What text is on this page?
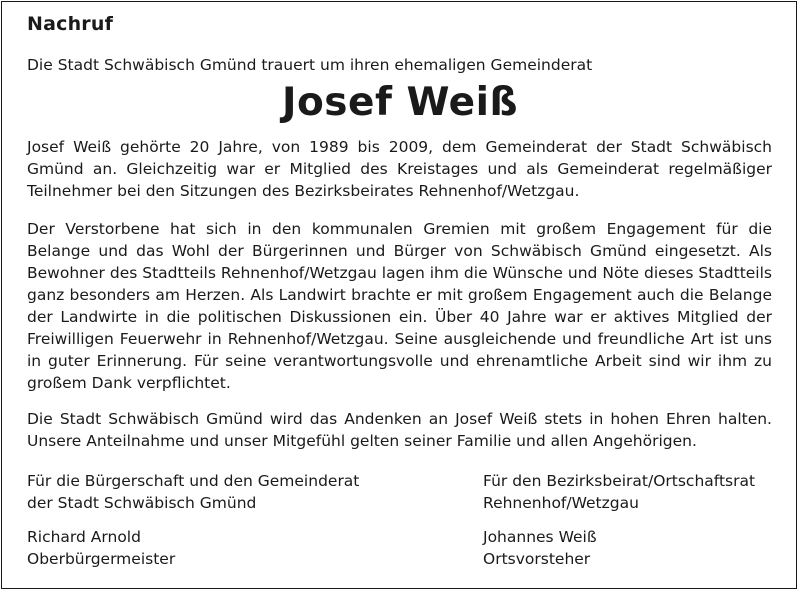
Nachruf
Die Stadt Schwäbisch Gmünd trauert um ihren ehemaligen Gemeinderat
Josef Weiß

Josef Weiß gehörte 20 Jahre, von 1989 bis 2009, dem Gemeinderat der Stadt Schwäbisch Gmünd an. Gleichzeitig war er Mitglied des Kreistages und als Gemeinderat regelmäßiger Teilnehmer bei den Sitzungen des Bezirksbeirates Rehnenhof/Wetzgau.

Der Verstorbene hat sich in den kommunalen Gremien mit großem Engagement für die Belange und das Wohl der Bürgerinnen und Bürger von Schwäbisch Gmünd eingesetzt. Als Bewohner des Stadtteils Rehnenhof/Wetzgau lagen ihm die Wünsche und Nöte dieses Stadtteils ganz besonders am Herzen. Als Landwirt brachte er mit großem Engagement auch die Belange der Landwirte in die politischen Diskussionen ein. Über 40 Jahre war er aktives Mitglied der Freiwilligen Feuerwehr in Rehnenhof/Wetzgau. Seine ausgleichende und freundliche Art ist uns in guter Erinnerung. Für seine verantwortungsvolle und ehrenamtliche Arbeit sind wir ihm zu großem Dank verpflichtet.

Die Stadt Schwäbisch Gmünd wird das Andenken an Josef Weiß stets in hohen Ehren halten. Unsere Anteilnahme und unser Mitgefühl gelten seiner Familie und allen Angehörigen.

Für die Bürgerschaft und den Gemeinderat
der Stadt Schwäbisch Gmünd
Richard Arnold
Oberbürgermeister
Für den Bezirksbeirat/Ortschaftsrat
Rehnenhof/Wetzgau
Johannes Weiß
Ortsvorsteher
